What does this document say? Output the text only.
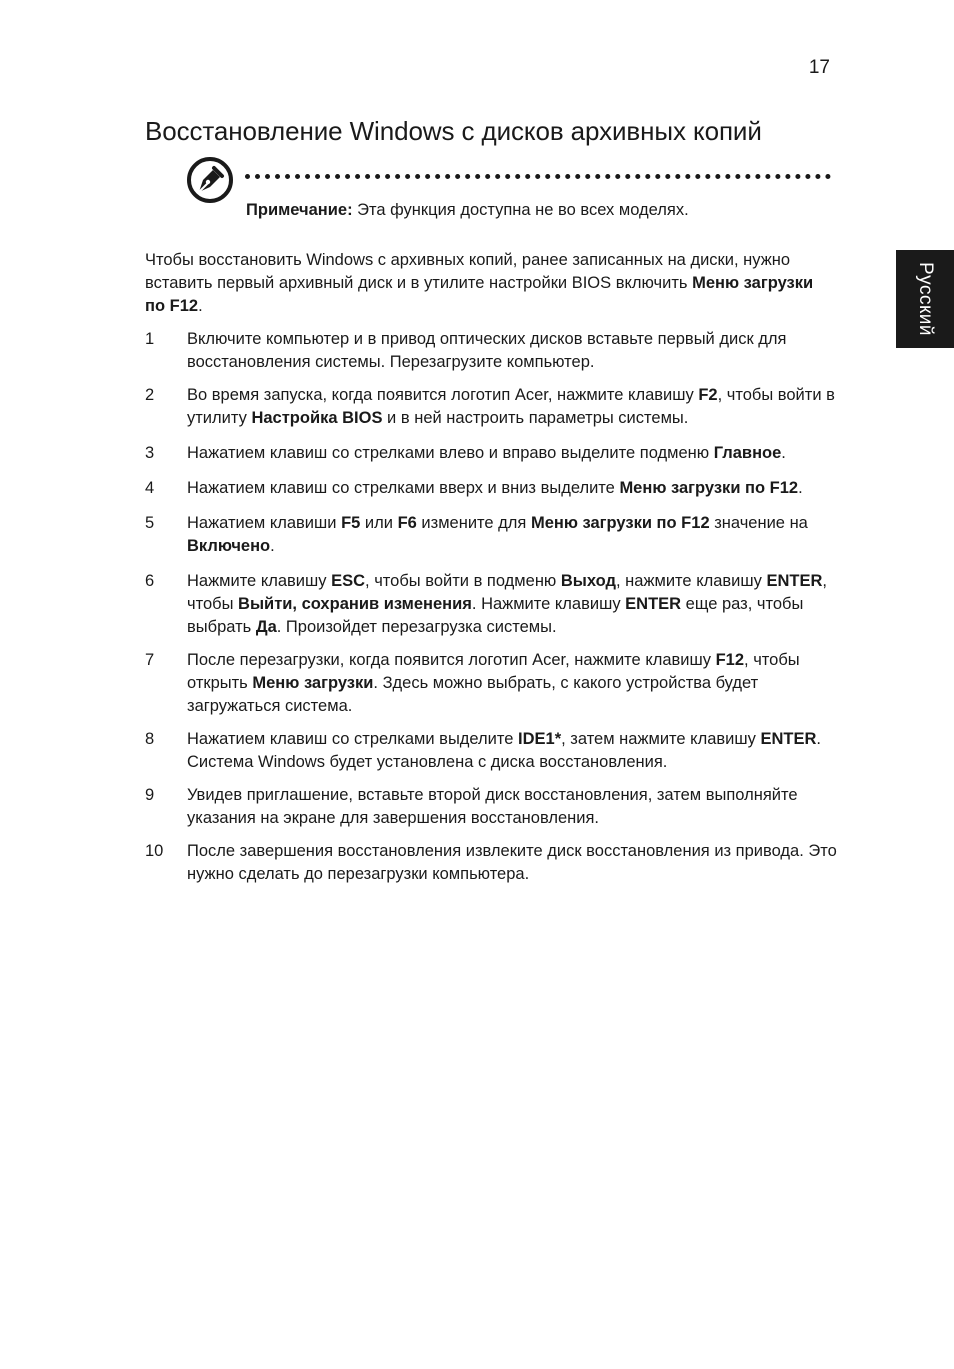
17
Восстановление Windows с дисков архивных копий
Русский

Примечание: Эта функция доступна не во всех моделях.

Чтобы восстановить Windows с архивных копий, ранее записанных на диски, нужно вставить первый архивный диск и в утилите настройки BIOS включить Меню загрузки по F12.

1 Включите компьютер и в привод оптических дисков вставьте первый диск для восстановления системы. Перезагрузите компьютер.
2 Во время запуска, когда появится логотип Acer, нажмите клавишу F2, чтобы войти в утилиту Настройка BIOS и в ней настроить параметры системы.
3 Нажатием клавиш со стрелками влево и вправо выделите подменю Главное.
4 Нажатием клавиш со стрелками вверх и вниз выделите Меню загрузки по F12.
5 Нажатием клавиши F5 или F6 измените для Меню загрузки по F12 значение на Включено.
6 Нажмите клавишу ESC, чтобы войти в подменю Выход, нажмите клавишу ENTER, чтобы Выйти, сохранив изменения. Нажмите клавишу ENTER еще раз, чтобы выбрать Да. Произойдет перезагрузка системы.
7 После перезагрузки, когда появится логотип Acer, нажмите клавишу F12, чтобы открыть Меню загрузки. Здесь можно выбрать, с какого устройства будет загружаться система.
8 Нажатием клавиш со стрелками выделите IDE1*, затем нажмите клавишу ENTER. Система Windows будет установлена с диска восстановления.
9 Увидев приглашение, вставьте второй диск восстановления, затем выполняйте указания на экране для завершения восстановления.
10 После завершения восстановления извлеките диск восстановления из привода. Это нужно сделать до перезагрузки компьютера.
